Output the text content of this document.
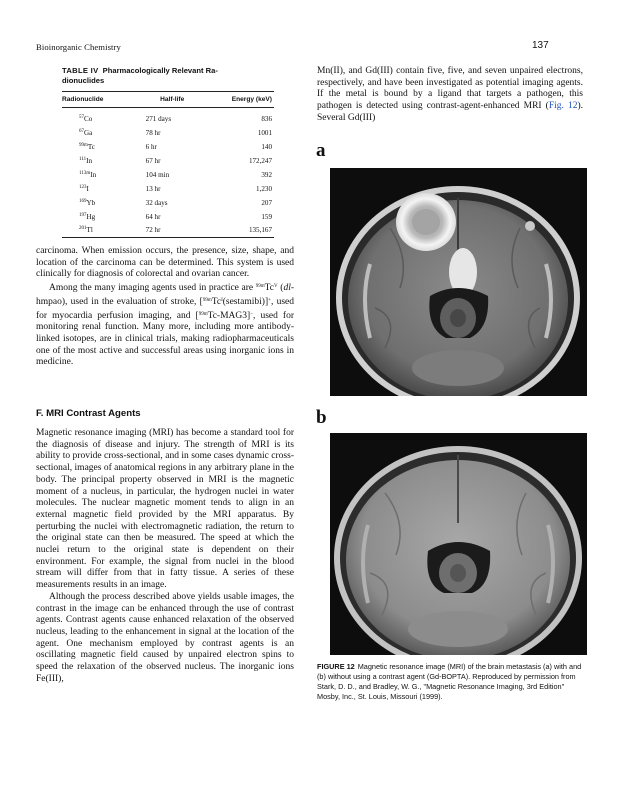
Bioinorganic Chemistry	137
TABLE IV Pharmacologically Relevant Ra-
dionuclides
Radionuclide	Half-life	Energy (keV)
$^{57}$Co	271 days	836
$^{67}$Ga	78 hr	1001
$^{99m}$Tc	6 hr	140
$^{111}$In	67 hr	172,247
$^{113m}$In	104 min	392
$^{123}$I	13 hr	1,230
$^{169}$Yb	32 days	207
$^{197}$Hg	64 hr	159
$^{201}$Tl	72 hr	135,167

carcinoma. When emission occurs, the presence, size, shape, and location of the carcinoma can be determined. This system is used clinically for diagnosis of colorectal and ovarian cancer.

Among the many imaging agents used in practice are $^{99m}Tc^V$ (dl-hmpao), used in the evaluation of stroke, $[^{99m}Tc^I(sestamibi)]^+$, used for myocardia perfusion imaging, and [$^{99m}$Tc-MAG3]−, used for monitoring renal function. Many more, including more antibody-linked isotopes, are in clinical trials, making radiopharmaceuticals one of the most active and successful areas using inorganic ions in medicine.

F. MRI Contrast Agents

Magnetic resonance imaging (MRI) has become a standard tool for the diagnosis of disease and injury. The strength of MRI is its ability to provide cross-sectional, and in some cases dynamic cross-sectional, images of anatomical regions in any arbitrary plane in the body. The principal property observed in MRI is the magnetic moment of a nucleus, in particular, the hydrogen nuclei in water molecules. The nuclear magnetic moment tends to align in an external magnetic field provided by the MRI apparatus. By perturbing the nuclei with electromagnetic radiation, the return to the original state can then be measured. The speed at which the nuclei return to the original state is dependent on their environment. For example, the signal from nuclei in the blood stream will differ from that in fatty tissue. A series of these measurements results in an image.

Although the process described above yields usable images, the contrast in the image can be enhanced through the use of contrast agents. Contrast agents cause enhanced relaxation of the observed nucleus, leading to the enhancement in signal at the location of the agent. One mechanism employed by contrast agents is an oscillating magnetic field caused by unpaired electron spins to speed the relaxation of the observed nucleus. The inorganic ions Fe(III),

Mn(II), and Gd(III) contain five, five, and seven unpaired electrons, respectively, and have been investigated as potential imaging agents. If the metal is bound by a ligand that targets a pathogen, this pathogen is detected using contrast-agent-enhanced MRI (Fig. 12). Several Gd(III)

a
b
FIGURE 12 Magnetic resonance image (MRI) of the brain metastasis (a) with and (b) without using a contrast agent (Gd-BOPTA). Reproduced by permission from Stark, D. D., and Bradley, W. G., "Magnetic Resonance Imaging, 3rd Edition" Mosby, Inc., St. Louis, Missouri (1999).
